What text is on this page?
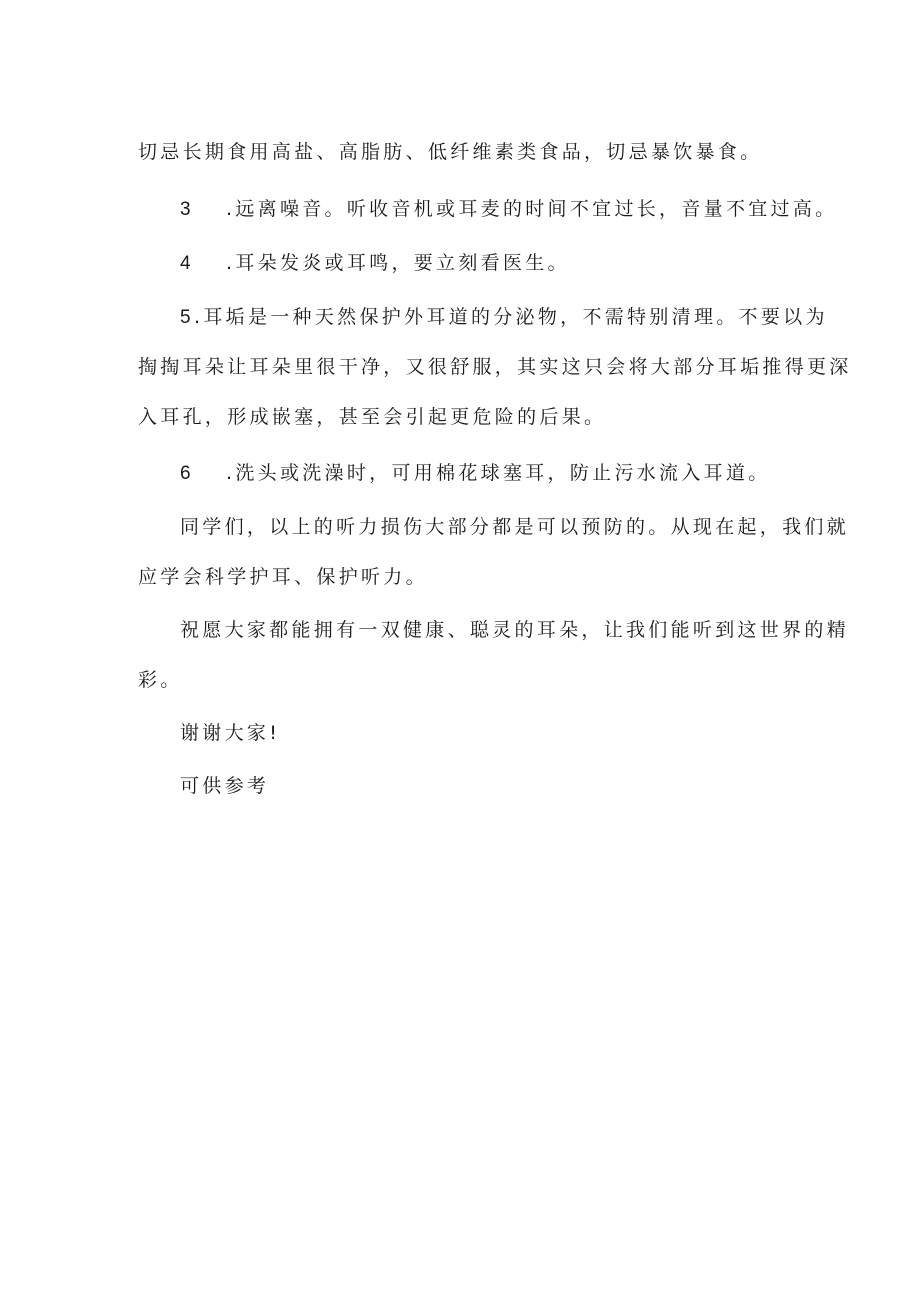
切忌长期食用高盐、高脂肪、低纤维素类食品，切忌暴饮暴食。
3 .远离噪音。听收音机或耳麦的时间不宜过长，音量不宜过高。
4 .耳朵发炎或耳鸣，要立刻看医生。
5 .耳垢是一种天然保护外耳道的分泌物，不需特别清理。不要以为
掏掏耳朵让耳朵里很干净，又很舒服，其实这只会将大部分耳垢推得更深
入耳孔，形成嵌塞，甚至会引起更危险的后果。
6 .洗头或洗澡时，可用棉花球塞耳，防止污水流入耳道。
同学们，以上的听力损伤大部分都是可以预防的。从现在起，我们就
应学会科学护耳、保护听力。
祝愿大家都能拥有一双健康、聪灵的耳朵，让我们能听到这世界的精
彩。
谢谢大家!
可供参考
